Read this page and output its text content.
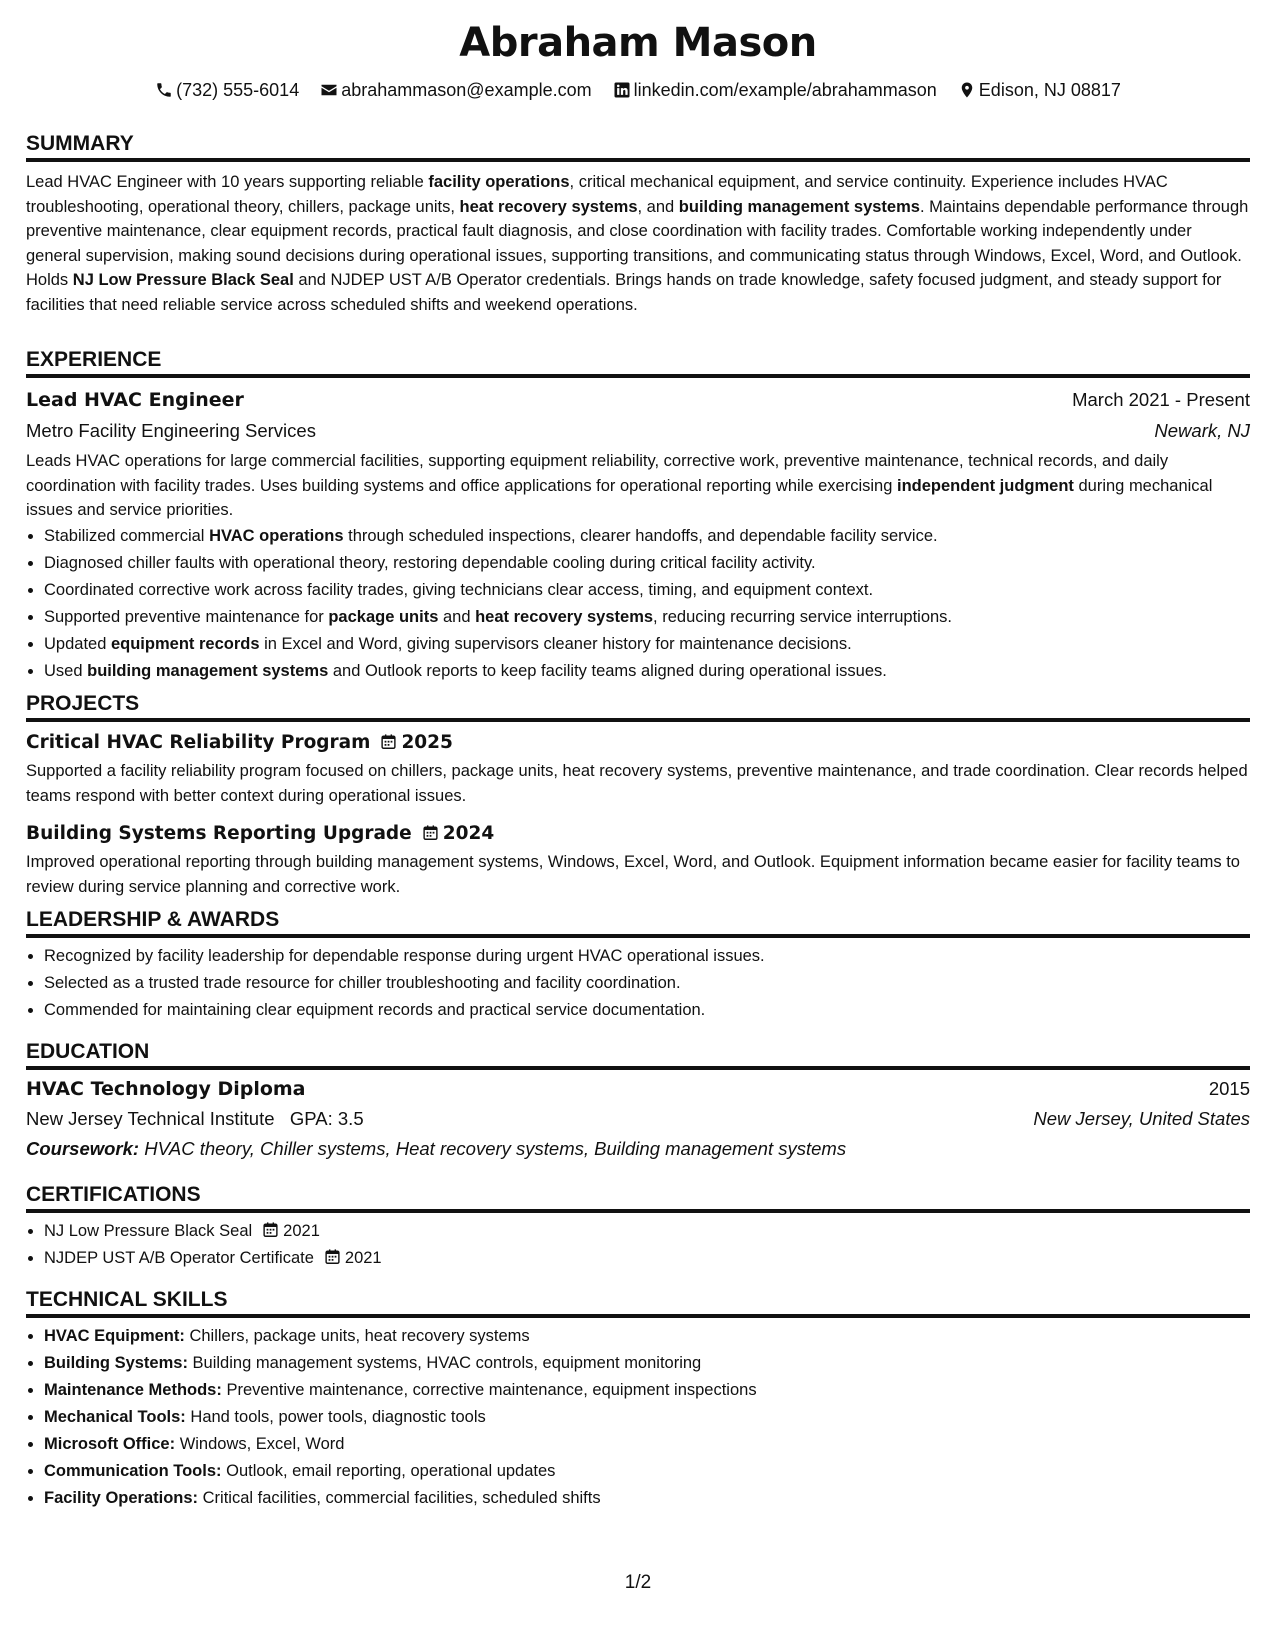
Abraham Mason
(732) 555-6014 abrahammason@example.com linkedin.com/example/abrahammason Edison, NJ 08817
SUMMARY
Lead HVAC Engineer with 10 years supporting reliable facility operations, critical mechanical equipment, and service continuity. Experience includes HVAC troubleshooting, operational theory, chillers, package units, heat recovery systems, and building management systems. Maintains dependable performance through preventive maintenance, clear equipment records, practical fault diagnosis, and close coordination with facility trades. Comfortable working independently under general supervision, making sound decisions during operational issues, supporting transitions, and communicating status through Windows, Excel, Word, and Outlook. Holds NJ Low Pressure Black Seal and NJDEP UST A/B Operator credentials. Brings hands on trade knowledge, safety focused judgment, and steady support for facilities that need reliable service across scheduled shifts and weekend operations.
EXPERIENCE
Lead HVAC Engineer	March 2021 - Present
Metro Facility Engineering Services	Newark, NJ
Leads HVAC operations for large commercial facilities, supporting equipment reliability, corrective work, preventive maintenance, technical records, and daily coordination with facility trades. Uses building systems and office applications for operational reporting while exercising independent judgment during mechanical issues and service priorities.
• Stabilized commercial HVAC operations through scheduled inspections, clearer handoffs, and dependable facility service.
• Diagnosed chiller faults with operational theory, restoring dependable cooling during critical facility activity.
• Coordinated corrective work across facility trades, giving technicians clear access, timing, and equipment context.
• Supported preventive maintenance for package units and heat recovery systems, reducing recurring service interruptions.
• Updated equipment records in Excel and Word, giving supervisors cleaner history for maintenance decisions.
• Used building management systems and Outlook reports to keep facility teams aligned during operational issues.
PROJECTS
Critical HVAC Reliability Program 2025
Supported a facility reliability program focused on chillers, package units, heat recovery systems, preventive maintenance, and trade coordination. Clear records helped teams respond with better context during operational issues.
Building Systems Reporting Upgrade 2024
Improved operational reporting through building management systems, Windows, Excel, Word, and Outlook. Equipment information became easier for facility teams to review during service planning and corrective work.
LEADERSHIP & AWARDS
• Recognized by facility leadership for dependable response during urgent HVAC operational issues.
• Selected as a trusted trade resource for chiller troubleshooting and facility coordination.
• Commended for maintaining clear equipment records and practical service documentation.
EDUCATION
HVAC Technology Diploma	2015
New Jersey Technical Institute GPA: 3.5	New Jersey, United States
Coursework: HVAC theory, Chiller systems, Heat recovery systems, Building management systems
CERTIFICATIONS
• NJ Low Pressure Black Seal 2021
• NJDEP UST A/B Operator Certificate 2021
TECHNICAL SKILLS
• HVAC Equipment: Chillers, package units, heat recovery systems
• Building Systems: Building management systems, HVAC controls, equipment monitoring
• Maintenance Methods: Preventive maintenance, corrective maintenance, equipment inspections
• Mechanical Tools: Hand tools, power tools, diagnostic tools
• Microsoft Office: Windows, Excel, Word
• Communication Tools: Outlook, email reporting, operational updates
• Facility Operations: Critical facilities, commercial facilities, scheduled shifts
1/2
